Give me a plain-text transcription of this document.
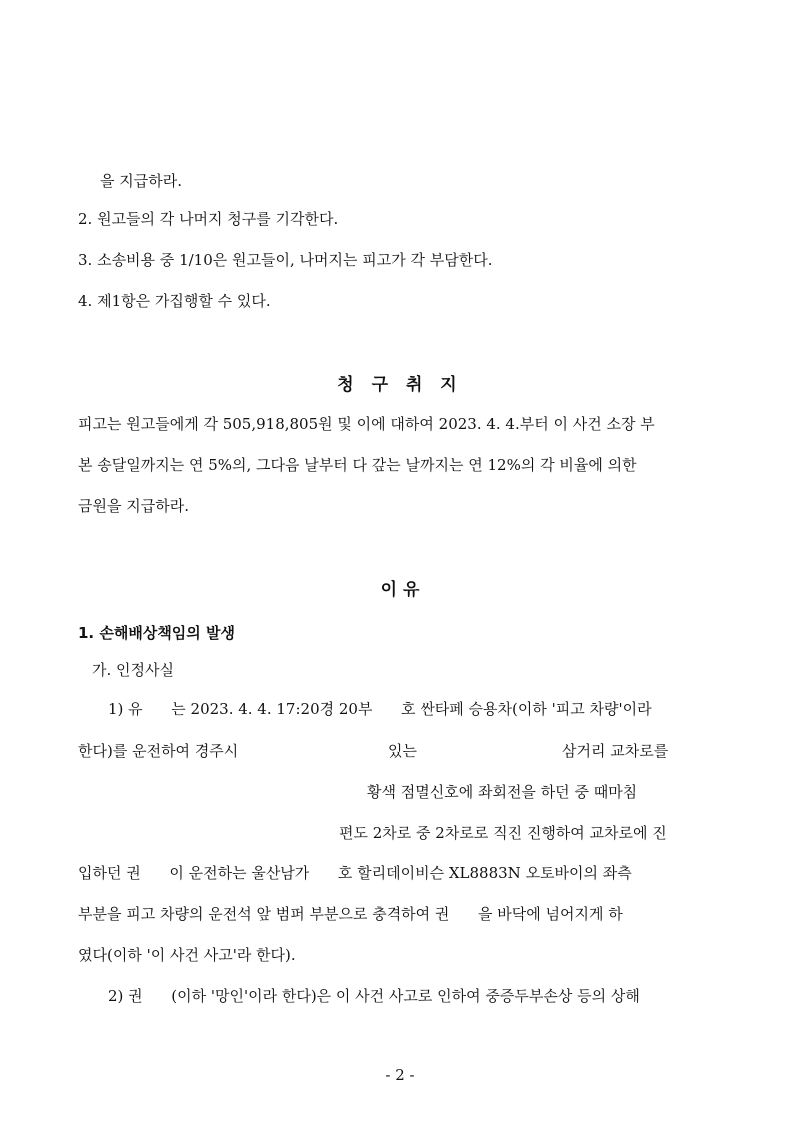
을 지급하라.
2. 원고들의 각 나머지 청구를 기각한다.
3. 소송비용 중 1/10은 원고들이, 나머지는 피고가 각 부담한다.
4. 제1항은 가집행할 수 있다.
청 구 취 지
피고는 원고들에게 각 505,918,805원 및 이에 대하여 2023. 4. 4.부터 이 사건 소장 부
본 송달일까지는 연 5%의, 그다음 날부터 다 갚는 날까지는 연 12%의 각 비율에 의한
금원을 지급하라.
이 유
1. 손해배상책임의 발생
가. 인정사실
1) 유      는 2023. 4. 4. 17:20경 20부      호 싼타페 승용차(이하 '피고 차량'이라
한다)를 운전하여 경주시	있는	삼거리 교차로를
황색 점멸신호에 좌회전을 하던 중 때마침
편도 2차로 중 2차로로 직진 진행하여 교차로에 진
입하던 권      이 운전하는 울산남가      호 할리데이비슨 XL8883N 오토바이의 좌측
부분을 피고 차량의 운전석 앞 범퍼 부분으로 충격하여 권      을 바닥에 넘어지게 하
였다(이하 '이 사건 사고'라 한다).
2) 권      (이하 '망인'이라 한다)은 이 사건 사고로 인하여 중증두부손상 등의 상해
- 2 -
